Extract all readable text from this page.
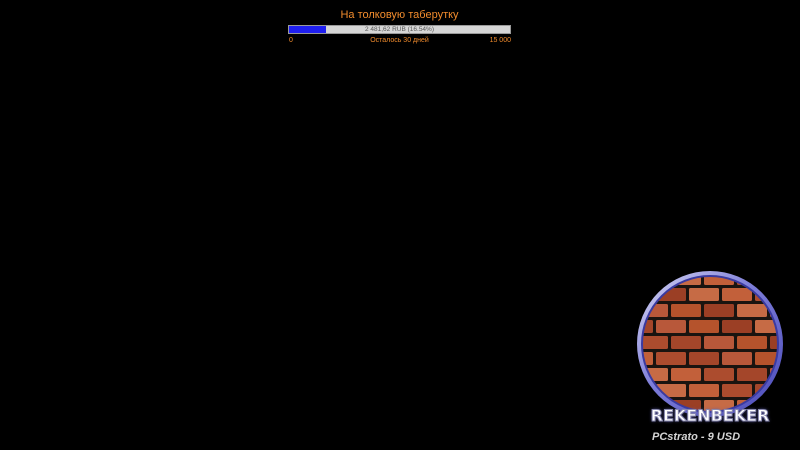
На толковую таберутку
2 481,62 RUB (16.54%)
0	Осталось 30 дней	15 000
REKENBEKER
PCstrato - 9 USD
